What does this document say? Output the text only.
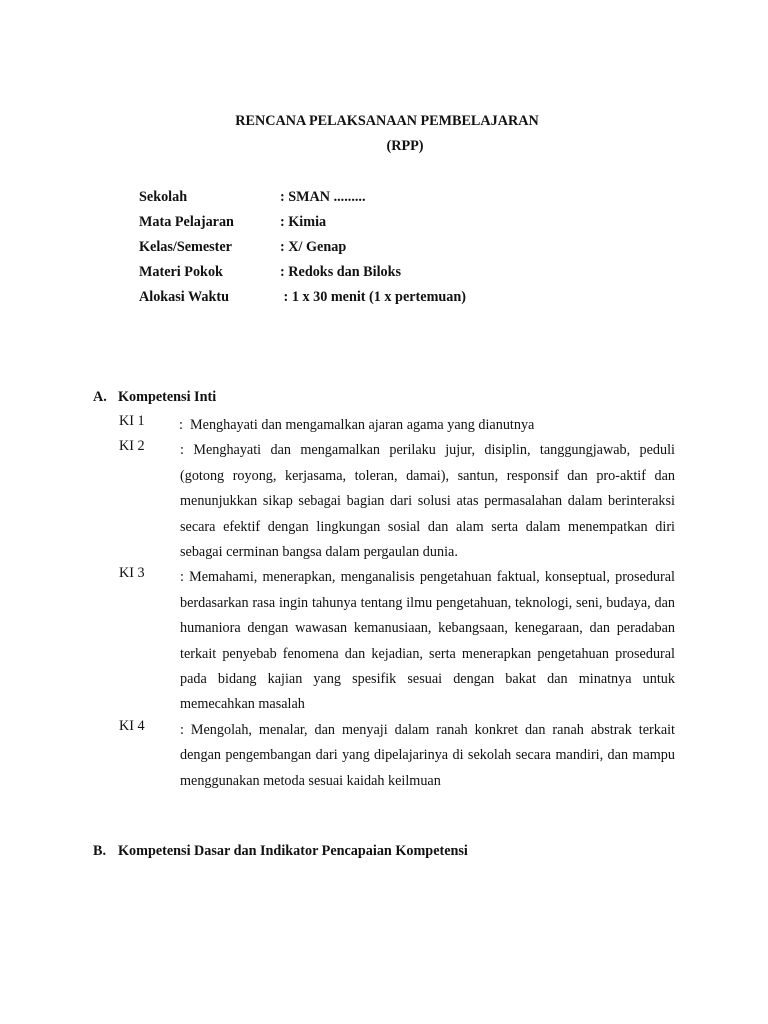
RENCANA PELAKSANAAN PEMBELAJARAN
(RPP)
Sekolah	: SMAN .........
Mata Pelajaran	: Kimia
Kelas/Semester	: X/ Genap
Materi Pokok	: Redoks dan Biloks
Alokasi Waktu	: 1 x 30 menit (1 x pertemuan)
A. Kompetensi Inti
KI 1 :  Menghayati dan mengamalkan ajaran agama yang dianutnya
KI 2 : Menghayati dan mengamalkan perilaku jujur, disiplin, tanggungjawab, peduli (gotong royong, kerjasama, toleran, damai), santun, responsif dan pro-aktif dan menunjukkan sikap sebagai bagian dari solusi atas permasalahan dalam berinteraksi secara efektif dengan lingkungan sosial dan alam serta dalam menempatkan diri sebagai cerminan bangsa dalam pergaulan dunia.
KI 3 : Memahami, menerapkan, menganalisis pengetahuan faktual, konseptual, prosedural berdasarkan rasa ingin tahunya tentang ilmu pengetahuan, teknologi, seni, budaya, dan humaniora dengan wawasan kemanusiaan, kebangsaan, kenegaraan, dan peradaban terkait penyebab fenomena dan kejadian, serta menerapkan pengetahuan prosedural pada bidang kajian yang spesifik sesuai dengan bakat dan minatnya untuk memecahkan masalah
KI 4 : Mengolah, menalar, dan menyaji dalam ranah konkret dan ranah abstrak terkait dengan pengembangan dari yang dipelajarinya di sekolah secara mandiri, dan mampu menggunakan metoda sesuai kaidah keilmuan
B. Kompetensi Dasar dan Indikator Pencapaian Kompetensi
